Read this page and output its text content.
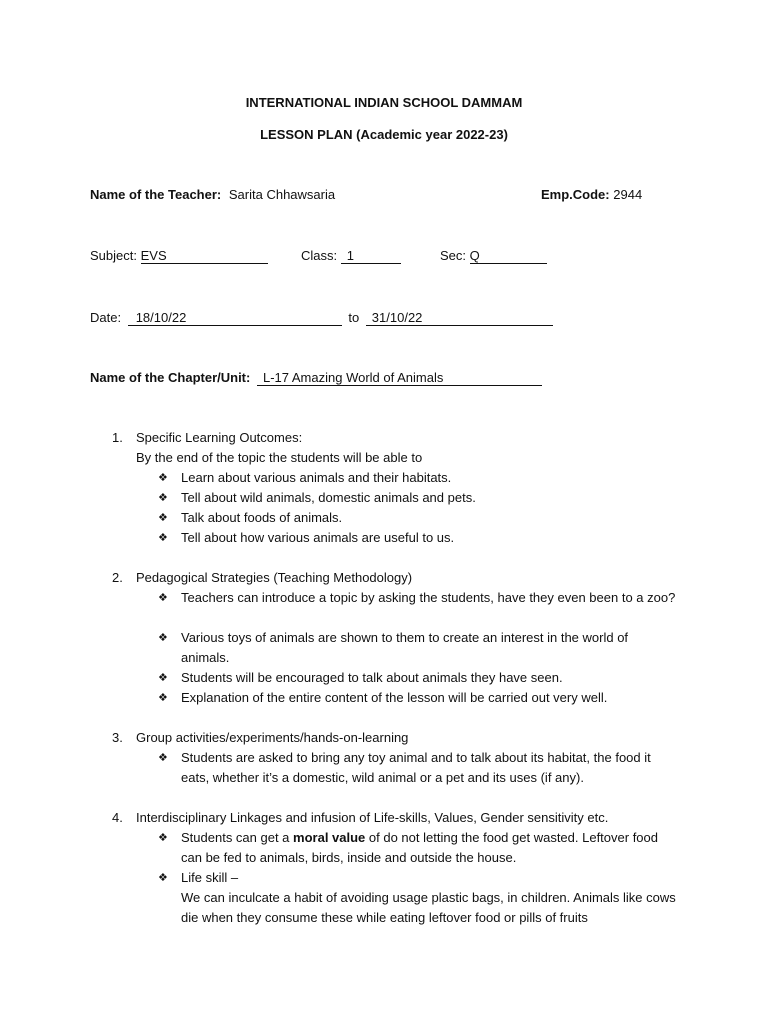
INTERNATIONAL INDIAN SCHOOL DAMMAM
LESSON PLAN (Academic year 2022-23)
Name of the Teacher: Sarita Chhawsaria	Emp.Code: 2944
Subject: EVS	Class: 1	Sec: Q
Date: 18/10/22	to 31/10/22
Name of the Chapter/Unit: L-17 Amazing World of Animals
1. Specific Learning Outcomes:
By the end of the topic the students will be able to
❖	Learn about various animals and their habitats.
❖	Tell about wild animals, domestic animals and pets.
❖	Talk about foods of animals.
❖	Tell about how various animals are useful to us.
2. Pedagogical Strategies (Teaching Methodology)
❖	Teachers can introduce a topic by asking the students, have they even been to a zoo?
❖	Various toys of animals are shown to them to create an interest in the world of animals.
❖	Students will be encouraged to talk about animals they have seen.
❖	Explanation of the entire content of the lesson will be carried out very well.
3. Group activities/experiments/hands-on-learning
❖	Students are asked to bring any toy animal and to talk about its habitat, the food it eats, whether it’s a domestic, wild animal or a pet and its uses (if any).
4. Interdisciplinary Linkages and infusion of Life-skills, Values, Gender sensitivity etc.
❖	Students can get a moral value of do not letting the food get wasted. Leftover food can be fed to animals, birds, inside and outside the house.
❖	Life skill –
We can inculcate a habit of avoiding usage plastic bags, in children. Animals like cows die when they consume these while eating leftover food or pills of fruits
